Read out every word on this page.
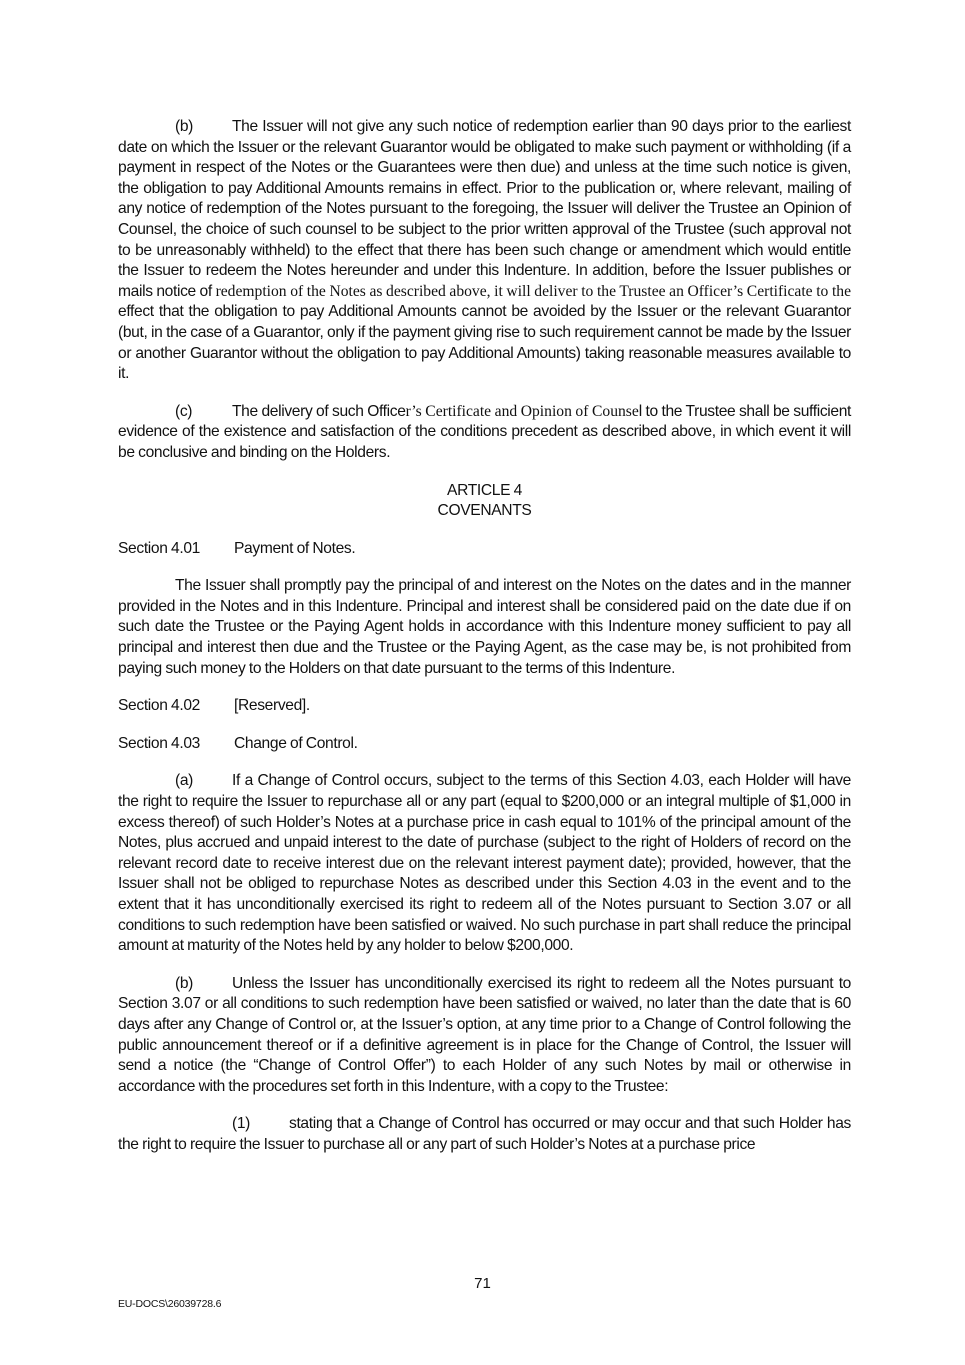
(b) The Issuer will not give any such notice of redemption earlier than 90 days prior to the earliest date on which the Issuer or the relevant Guarantor would be obligated to make such payment or withholding (if a payment in respect of the Notes or the Guarantees were then due) and unless at the time such notice is given, the obligation to pay Additional Amounts remains in effect. Prior to the publication or, where relevant, mailing of any notice of redemption of the Notes pursuant to the foregoing, the Issuer will deliver the Trustee an Opinion of Counsel, the choice of such counsel to be subject to the prior written approval of the Trustee (such approval not to be unreasonably withheld) to the effect that there has been such change or amendment which would entitle the Issuer to redeem the Notes hereunder and under this Indenture. In addition, before the Issuer publishes or mails notice of redemption of the Notes as described above, it will deliver to the Trustee an Officer’s Certificate to the effect that the obligation to pay Additional Amounts cannot be avoided by the Issuer or the relevant Guarantor (but, in the case of a Guarantor, only if the payment giving rise to such requirement cannot be made by the Issuer or another Guarantor without the obligation to pay Additional Amounts) taking reasonable measures available to it.

(c)	The delivery of such Officer’s Certificate and Opinion of Counsel to the Trustee shall be sufficient evidence of the existence and satisfaction of the conditions precedent as described above, in which event it will be conclusive and binding on the Holders.

ARTICLE 4
COVENANTS

Section 4.01 Payment of Notes.

The Issuer shall promptly pay the principal of and interest on the Notes on the dates and in the manner provided in the Notes and in this Indenture. Principal and interest shall be considered paid on the date due if on such date the Trustee or the Paying Agent holds in accordance with this Indenture money sufficient to pay all principal and interest then due and the Trustee or the Paying Agent, as the case may be, is not prohibited from paying such money to the Holders on that date pursuant to the terms of this Indenture.

Section 4.02 [Reserved].

Section 4.03 Change of Control.

(a) If a Change of Control occurs, subject to the terms of this Section 4.03, each Holder will have the right to require the Issuer to repurchase all or any part (equal to $200,000 or an integral multiple of $1,000 in excess thereof) of such Holder’s Notes at a purchase price in cash equal to 101% of the principal amount of the Notes, plus accrued and unpaid interest to the date of purchase (subject to the right of Holders of record on the relevant record date to receive interest due on the relevant interest payment date); provided, however, that the Issuer shall not be obliged to repurchase Notes as described under this Section 4.03 in the event and to the extent that it has unconditionally exercised its right to redeem all of the Notes pursuant to Section 3.07 or all conditions to such redemption have been satisfied or waived. No such purchase in part shall reduce the principal amount at maturity of the Notes held by any holder to below $200,000.

(b) Unless the Issuer has unconditionally exercised its right to redeem all the Notes pursuant to Section 3.07 or all conditions to such redemption have been satisfied or waived, no later than the date that is 60 days after any Change of Control or, at the Issuer’s option, at any time prior to a Change of Control following the public announcement thereof or if a definitive agreement is in place for the Change of Control, the Issuer will send a notice (the “Change of Control Offer”) to each Holder of any such Notes by mail or otherwise in accordance with the procedures set forth in this Indenture, with a copy to the Trustee:

(1) stating that a Change of Control has occurred or may occur and that such Holder has the right to require the Issuer to purchase all or any part of such Holder’s Notes at a purchase price

71
EU-DOCS\26039728.6
